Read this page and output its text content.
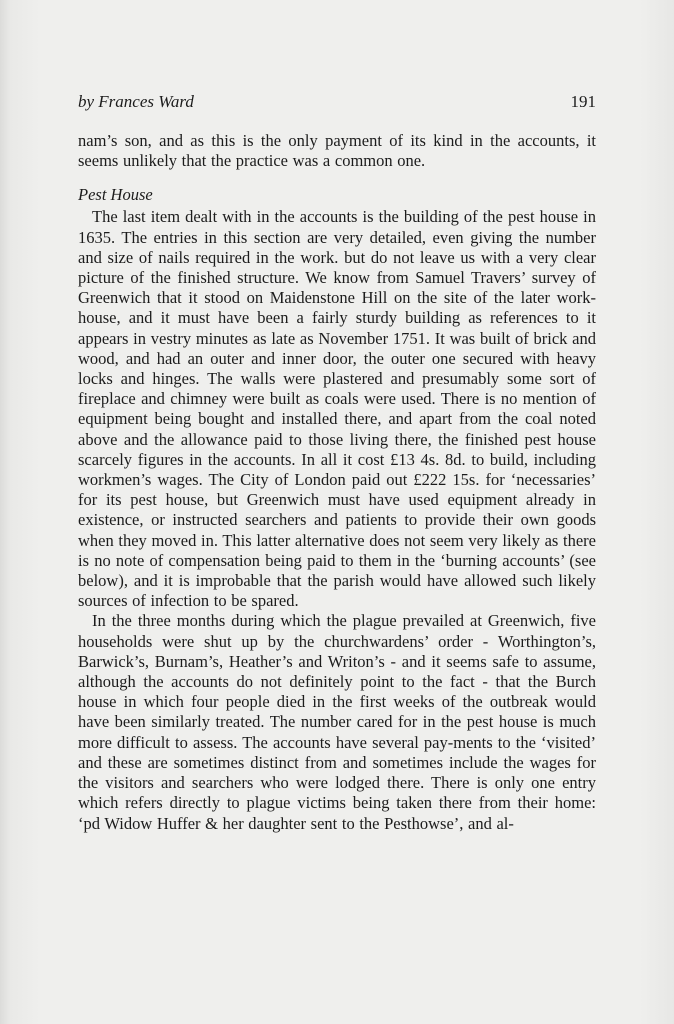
by Frances Ward	191

nam’s son, and as this is the only payment of its kind in the accounts, it seems unlikely that the practice was a common one.

Pest House

The last item dealt with in the accounts is the building of the pest house in 1635. The entries in this section are very detailed, even giving the number and size of nails required in the work. but do not leave us with a very clear picture of the finished structure. We know from Samuel Travers’ survey of Greenwich that it stood on Maidenstone Hill on the site of the later work-house, and it must have been a fairly sturdy building as references to it appears in vestry minutes as late as November 1751. It was built of brick and wood, and had an outer and inner door, the outer one secured with heavy locks and hinges. The walls were plastered and presumably some sort of fireplace and chimney were built as coals were used. There is no mention of equipment being bought and installed there, and apart from the coal noted above and the allowance paid to those living there, the finished pest house scarcely figures in the accounts. In all it cost £13 4s. 8d. to build, including workmen’s wages. The City of London paid out £222 15s. for ‘necessaries’ for its pest house, but Greenwich must have used equipment already in existence, or instructed searchers and patients to provide their own goods when they moved in. This latter alternative does not seem very likely as there is no note of compensation being paid to them in the ‘burning accounts’ (see below), and it is improbable that the parish would have allowed such likely sources of infection to be spared.

In the three months during which the plague prevailed at Greenwich, five households were shut up by the churchwardens’ order - Worthington’s, Barwick’s, Burnam’s, Heather’s and Writon’s - and it seems safe to assume, although the accounts do not definitely point to the fact - that the Burch house in which four people died in the first weeks of the outbreak would have been similarly treated. The number cared for in the pest house is much more difficult to assess. The accounts have several pay-ments to the ‘visited’ and these are sometimes distinct from and sometimes include the wages for the visitors and searchers who were lodged there. There is only one entry which refers directly to plague victims being taken there from their home: ‘pd Widow Huffer & her daughter sent to the Pesthowse’, and al-
